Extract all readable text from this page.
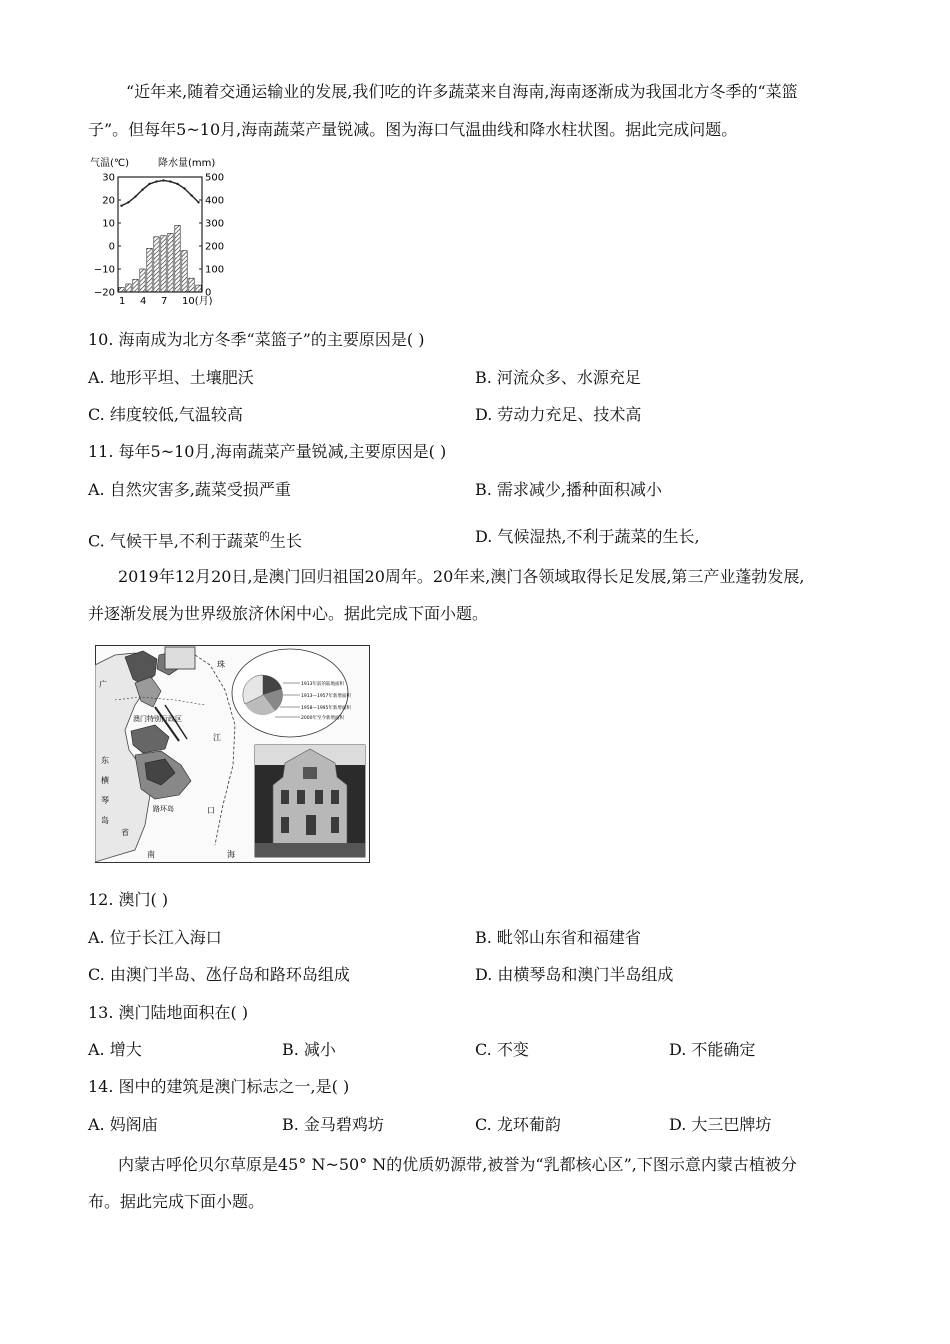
“近年来,随着交通运输业的发展,我们吃的许多蔬菜来自海南,海南逐渐成为我国北方冬季的“菜篮
子”。但每年5~10月,海南蔬菜产量锐减。图为海口气温曲线和降水柱状图。据此完成问题。
气温(℃)	降水量(mm)
30
20
10
0
−10
−20
500
400
300
200
100
0
1 4 7 10(月)
10. 海南成为北方冬季“菜篮子”的主要原因是( )
A. 地形平坦、土壤肥沃	B. 河流众多、水源充足
C. 纬度较低,气温较高	D. 劳动力充足、技术高
11. 每年5~10月,海南蔬菜产量锐减,主要原因是( )
A. 自然灾害多,蔬菜受损严重	B. 需求减少,播种面积减小
C. 气候干旱,不利于蔬菜$^的$生长	D. 气候湿热,不利于蔬菜的生长,
2019年12月20日,是澳门回归祖国20周年。20年来,澳门各领域取得长足发展,第三产业蓬勃发展,
并逐渐发展为世界级旅济休闲中心。据此完成下面小题。
广
珠
澳门特别行政区
江
东
横
琴
岛
省
路环岛	口
南	海
1913年前的陆地面积
1913—1957年新增面积
1958—1995年新增面积
2000年至今新增面积
12. 澳门( )
A. 位于长江入海口	B. 毗邻山东省和福建省
C. 由澳门半岛、氹仔岛和路环岛组成	D. 由横琴岛和澳门半岛组成
13. 澳门陆地面积在( )
A. 增大	B. 减小	C. 不变	D. 不能确定
14. 图中的建筑是澳门标志之一,是( )
A. 妈阁庙	B. 金马碧鸡坊	C. 龙环葡韵	D. 大三巴牌坊
内蒙古呼伦贝尔草原是45° N~50° N的优质奶源带,被誉为“乳都核心区”,下图示意内蒙古植被分
布。据此完成下面小题。
